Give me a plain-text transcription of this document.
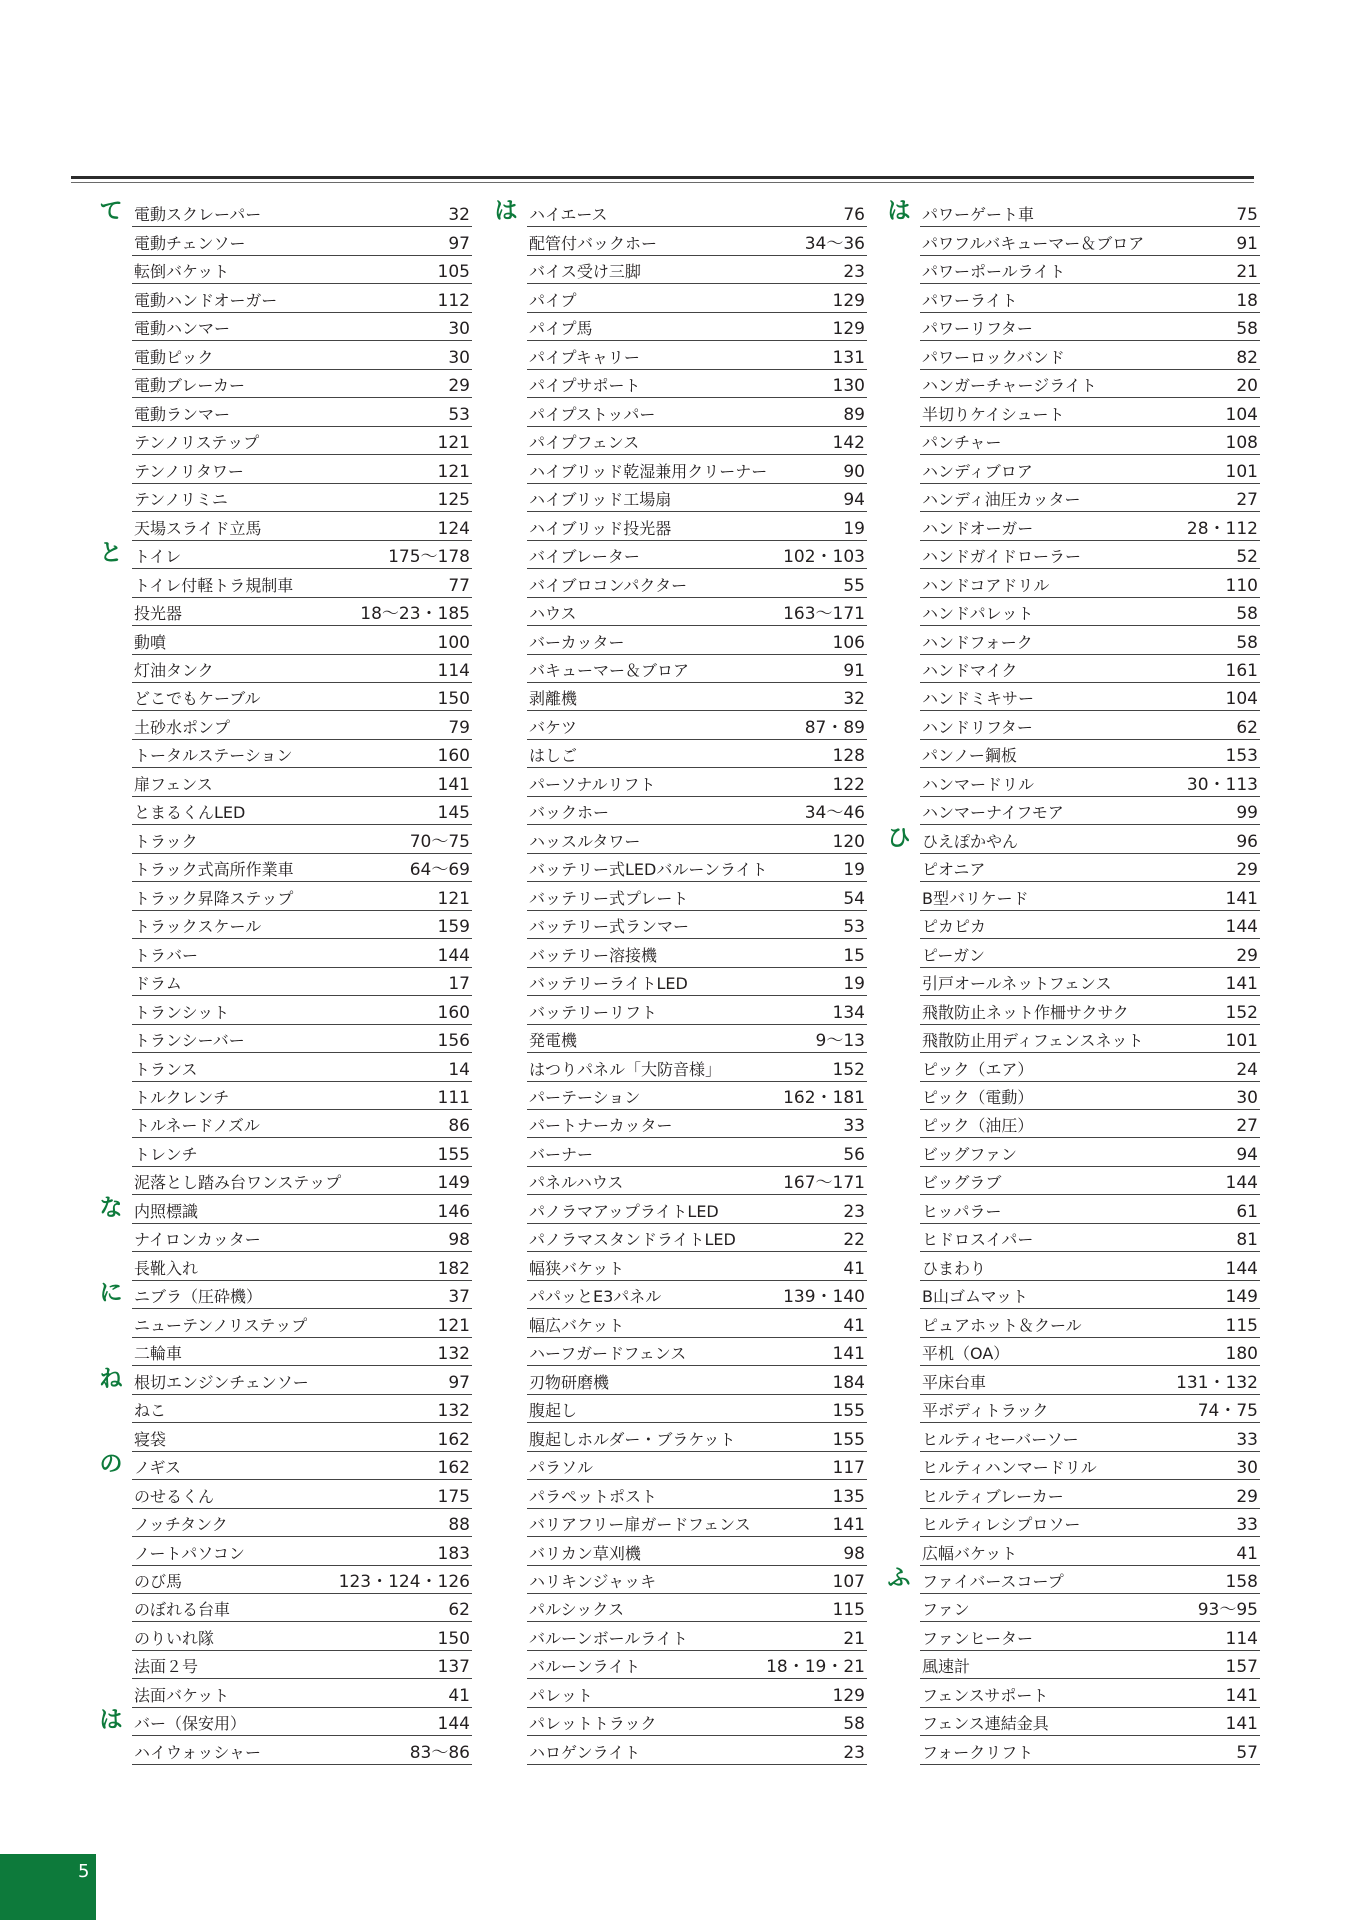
て 電動スクレーパー	32
電動チェンソー	97
転倒バケット	105
電動ハンドオーガー	112
電動ハンマー	30
電動ピック	30
電動ブレーカー	29
電動ランマー	53
テンノリステップ	121
テンノリタワー	121
テンノリミニ	125
天場スライド立馬	124
と トイレ	175〜178
トイレ付軽トラ規制車	77
投光器	18〜23・185
動噴	100
灯油タンク	114
どこでもケーブル	150
土砂水ポンプ	79
トータルステーション	160
扉フェンス	141
とまるくんLED	145
トラック	70〜75
トラック式高所作業車	64〜69
トラック昇降ステップ	121
トラックスケール	159
トラバー	144
ドラム	17
トランシット	160
トランシーバー	156
トランス	14
トルクレンチ	111
トルネードノズル	86
トレンチ	155
泥落とし踏み台ワンステップ	149
な 内照標識	146
ナイロンカッター	98
長靴入れ	182
に ニブラ（圧砕機）	37
ニューテンノリステップ	121
二輪車	132
ね 根切エンジンチェンソー	97
ねこ	132
寝袋	162
の ノギス	162
のせるくん	175
ノッチタンク	88
ノートパソコン	183
のび馬	123・124・126
のぼれる台車	62
のりいれ隊	150
法面２号	137
法面バケット	41
は バー（保安用）	144
ハイウォッシャー	83〜86
は ハイエース	76
配管付バックホー	34〜36
バイス受け三脚	23
パイプ	129
パイプ馬	129
パイプキャリー	131
パイプサポート	130
パイプストッパー	89
パイプフェンス	142
ハイブリッド乾湿兼用クリーナー	90
ハイブリッド工場扇	94
ハイブリッド投光器	19
バイブレーター	102・103
バイブロコンパクター	55
ハウス	163〜171
バーカッター	106
バキューマー＆ブロア	91
剥離機	32
バケツ	87・89
はしご	128
パーソナルリフト	122
バックホー	34〜46
ハッスルタワー	120
バッテリー式LEDバルーンライト	19
バッテリー式プレート	54
バッテリー式ランマー	53
バッテリー溶接機	15
バッテリーライトLED	19
バッテリーリフト	134
発電機	9〜13
はつりパネル「大防音様」	152
パーテーション	162・181
パートナーカッター	33
バーナー	56
パネルハウス	167〜171
パノラマアップライトLED	23
パノラマスタンドライトLED	22
幅狭バケット	41
パパッとE3パネル	139・140
幅広バケット	41
ハーフガードフェンス	141
刃物研磨機	184
腹起し	155
腹起しホルダー・ブラケット	155
パラソル	117
パラペットポスト	135
バリアフリー扉ガードフェンス	141
バリカン草刈機	98
ハリキンジャッキ	107
パルシックス	115
バルーンボールライト	21
バルーンライト	18・19・21
パレット	129
パレットトラック	58
ハロゲンライト	23
は パワーゲート車	75
パワフルバキューマー＆ブロア	91
パワーポールライト	21
パワーライト	18
パワーリフター	58
パワーロックバンド	82
ハンガーチャージライト	20
半切りケイシュート	104
パンチャー	108
ハンディブロア	101
ハンディ油圧カッター	27
ハンドオーガー	28・112
ハンドガイドローラー	52
ハンドコアドリル	110
ハンドパレット	58
ハンドフォーク	58
ハンドマイク	161
ハンドミキサー	104
ハンドリフター	62
パンノー鋼板	153
ハンマードリル	30・113
ハンマーナイフモア	99
ひ ひえぽかやん	96
ピオニア	29
B型バリケード	141
ピカピカ	144
ピーガン	29
引戸オールネットフェンス	141
飛散防止ネット作柵サクサク	152
飛散防止用ディフェンスネット	101
ピック（エア）	24
ピック（電動）	30
ピック（油圧）	27
ビッグファン	94
ビッグラブ	144
ヒッパラー	61
ヒドロスイパー	81
ひまわり	144
B山ゴムマット	149
ピュアホット＆クール	115
平机（OA）	180
平床台車	131・132
平ボディトラック	74・75
ヒルティセーバーソー	33
ヒルティハンマードリル	30
ヒルティブレーカー	29
ヒルティレシプロソー	33
広幅バケット	41
ふ ファイバースコープ	158
ファン	93〜95
ファンヒーター	114
風速計	157
フェンスサポート	141
フェンス連結金具	141
フォークリフト	57
5
